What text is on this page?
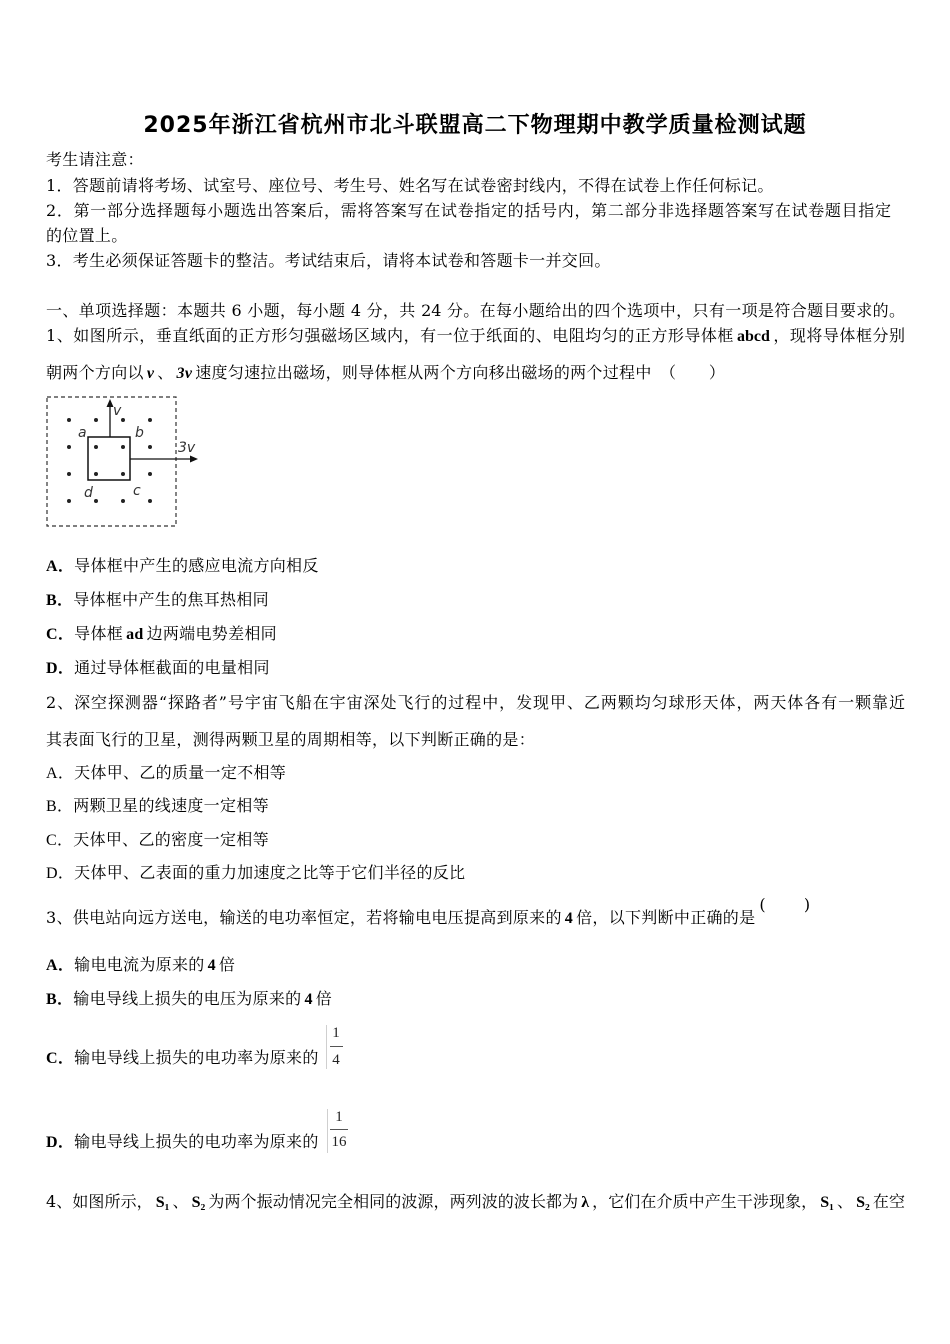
2025年浙江省杭州市北斗联盟高二下物理期中教学质量检测试题
考生请注意：
1．答题前请将考场、试室号、座位号、考生号、姓名写在试卷密封线内，不得在试卷上作任何标记。
2．第一部分选择题每小题选出答案后，需将答案写在试卷指定的括号内，第二部分非选择题答案写在试卷题目指定
的位置上。
3．考生必须保证答题卡的整洁。考试结束后，请将本试卷和答题卡一并交回。
一、单项选择题：本题共 6 小题，每小题 4 分，共 24 分。在每小题给出的四个选项中，只有一项是符合题目要求的。
1、如图所示，垂直纸面的正方形匀强磁场区域内，有一位于纸面的、电阻均匀的正方形导体框 abcd ，现将导体框分别
朝两个方向以 v 、 3v 速度匀速拉出磁场，则导体框从两个方向移出磁场的两个过程中　（　　）
a	b
d	c
v
3v
A．导体框中产生的感应电流方向相反
B．导体框中产生的焦耳热相同
C．导体框 ad 边两端电势差相同
D．通过导体框截面的电量相同
2、深空探测器“探路者”号宇宙飞船在宇宙深处飞行的过程中，发现甲、乙两颗均匀球形天体，两天体各有一颗靠近
其表面飞行的卫星，测得两颗卫星的周期相等，以下判断正确的是：
A．天体甲、乙的质量一定不相等
B．两颗卫星的线速度一定相等
C．天体甲、乙的密度一定相等
D．天体甲、乙表面的重力加速度之比等于它们半径的反比
3、供电站向远方送电，输送的电功率恒定，若将输电电压提高到原来的 4 倍，以下判断中正确的是(　　 )
A．输电电流为原来的 4 倍
B．输电导线上损失的电压为原来的 4 倍
C．输电导线上损失的电功率为原来的
1
4
D．输电导线上损失的电功率为原来的
1
16
4、如图所示， S₁ 、 S₂ 为两个振动情况完全相同的波源，两列波的波长都为 λ ，它们在介质中产生干涉现象， S₁ 、 S₂ 在空
